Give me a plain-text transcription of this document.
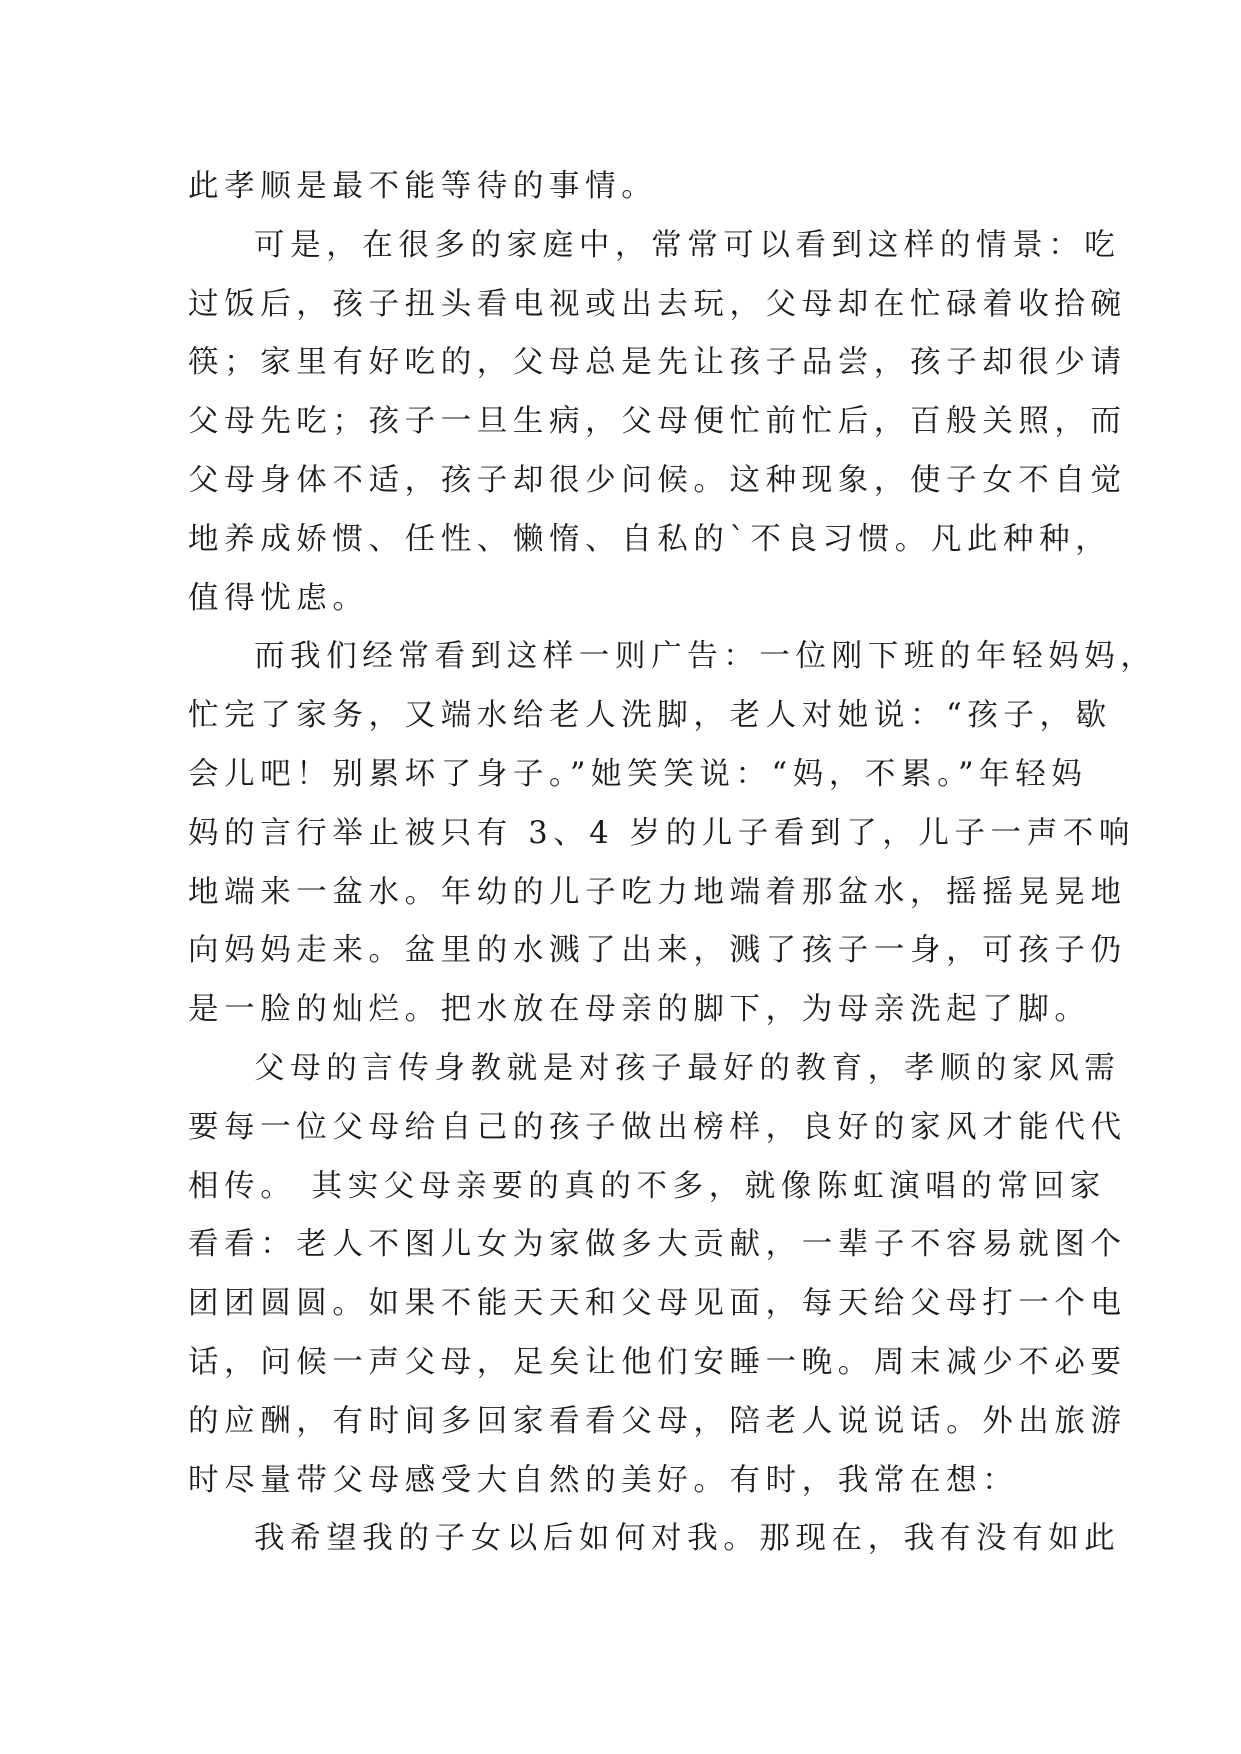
此孝顺是最不能等待的事情。
可是，在很多的家庭中，常常可以看到这样的情景：吃
过饭后，孩子扭头看电视或出去玩，父母却在忙碌着收拾碗
筷；家里有好吃的，父母总是先让孩子品尝，孩子却很少请
父母先吃；孩子一旦生病，父母便忙前忙后，百般关照，而
父母身体不适，孩子却很少问候。这种现象，使子女不自觉
地养成娇惯、任性、懒惰、自私的`不良习惯。凡此种种，
值得忧虑。
而我们经常看到这样一则广告：一位刚下班的年轻妈妈，
忙完了家务，又端水给老人洗脚，老人对她说：“孩子，歇
会儿吧！别累坏了身子。”她笑笑说：“妈，不累。”年轻妈
妈的言行举止被只有 3、4 岁的儿子看到了，儿子一声不响
地端来一盆水。年幼的儿子吃力地端着那盆水，摇摇晃晃地
向妈妈走来。盆里的水溅了出来，溅了孩子一身，可孩子仍
是一脸的灿烂。把水放在母亲的脚下，为母亲洗起了脚。
父母的言传身教就是对孩子最好的教育，孝顺的家风需
要每一位父母给自己的孩子做出榜样，良好的家风才能代代
相传。 其实父母亲要的真的不多，就像陈虹演唱的常回家
看看：老人不图儿女为家做多大贡献，一辈子不容易就图个
团团圆圆。如果不能天天和父母见面，每天给父母打一个电
话，问候一声父母，足矣让他们安睡一晚。周末减少不必要
的应酬，有时间多回家看看父母，陪老人说说话。外出旅游
时尽量带父母感受大自然的美好。有时，我常在想：
我希望我的子女以后如何对我。那现在，我有没有如此
